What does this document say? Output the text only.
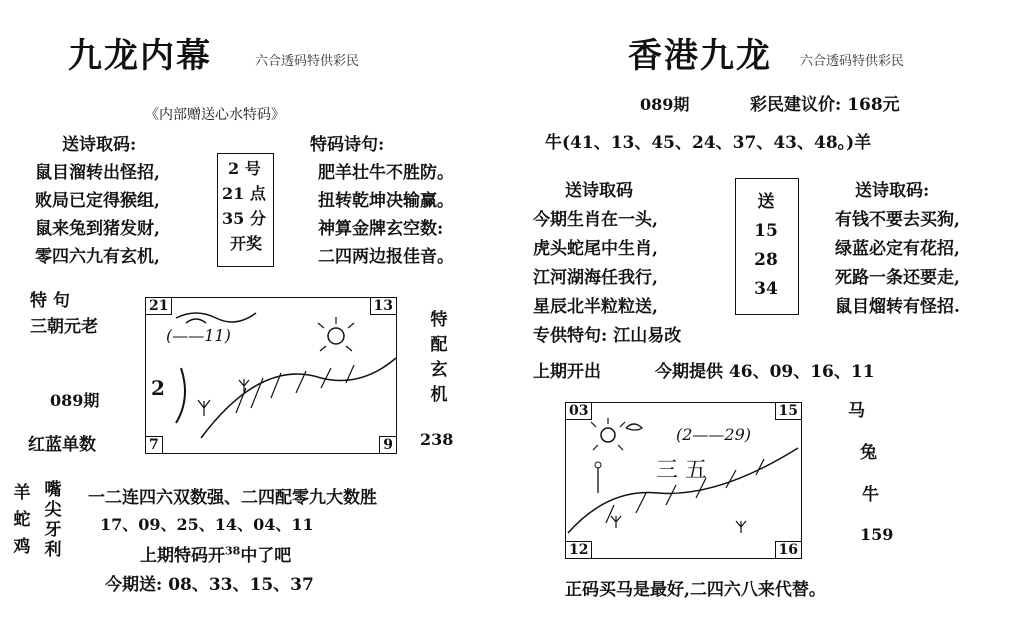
九龙内幕	六合透码特供彩民
《内部赠送心水特码》
送诗取码:
鼠目溜转出怪招,
败局已定得猴组,
鼠来兔到猪发财,
零四六九有玄机,
2 号
21 点
35 分
开奖
特码诗句:
肥羊壮牛不胜防。
扭转乾坤决输赢。
神算金牌玄空数:
二四两边报佳音。
特 句
三朝元老
089期
红蓝单数
2
(——11)
21	13
7	9
特
配
玄
机
238
羊
蛇
鸡
嘴
尖
牙
利
一二连四六双数强、二四配零九大数胜
17、09、25、14、04、11
上期特码开$^{38}$中了吧
今期送: 08、33、15、37
香港九龙 六合透码特供彩民
089期	彩民建议价: 168元
牛(41、13、45、24、37、43、48。)羊
送诗取码
今期生肖在一头,
虎头蛇尾中生肖,
江河湖海任我行,
星辰北半粒粒送,
送
15
28
34
送诗取码:
有钱不要去买狗,
绿蓝必定有花招,
死路一条还要走,
鼠目熘转有怪招.
专供特句: 江山易改
上期开出	今期提供 46、09、16、11
(2——29)
三 五
03	15
12	16
马
兔
牛
159
正码买马是最好,二四六八来代替。
